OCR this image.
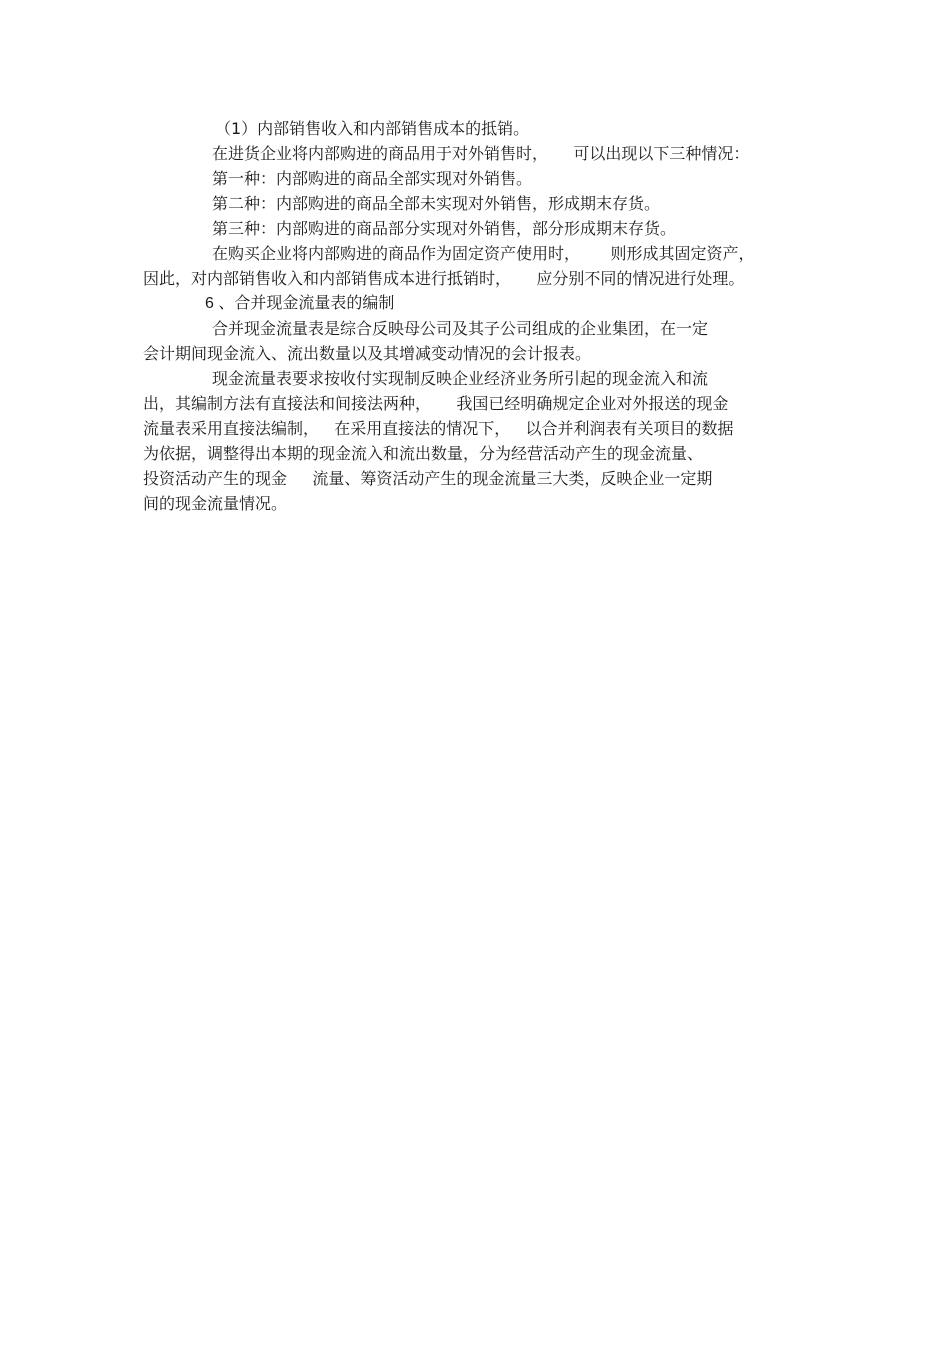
（1）内部销售收入和内部销售成本的抵销。
在进货企业将内部购进的商品用于对外销售时，     可以出现以下三种情况：
第一种：内部购进的商品全部实现对外销售。
第二种：内部购进的商品全部未实现对外销售，形成期末存货。
第三种：内部购进的商品部分实现对外销售，部分形成期末存货。
在购买企业将内部购进的商品作为固定资产使用时，      则形成其固定资产，
因此，对内部销售收入和内部销售成本进行抵销时，     应分别不同的情况进行处理。
6 、合并现金流量表的编制
合并现金流量表是综合反映母公司及其子公司组成的企业集团，在一定
会计期间现金流入、流出数量以及其增减变动情况的会计报表。
现金流量表要求按收付实现制反映企业经济业务所引起的现金流入和流
出，其编制方法有直接法和间接法两种，     我国已经明确规定企业对外报送的现金
流量表采用直接法编制，   在采用直接法的情况下，   以合并利润表有关项目的数据
为依据，调整得出本期的现金流入和流出数量，分为经营活动产生的现金流量、
投资活动产生的现金     流量、筹资活动产生的现金流量三大类，反映企业一定期
间的现金流量情况。
